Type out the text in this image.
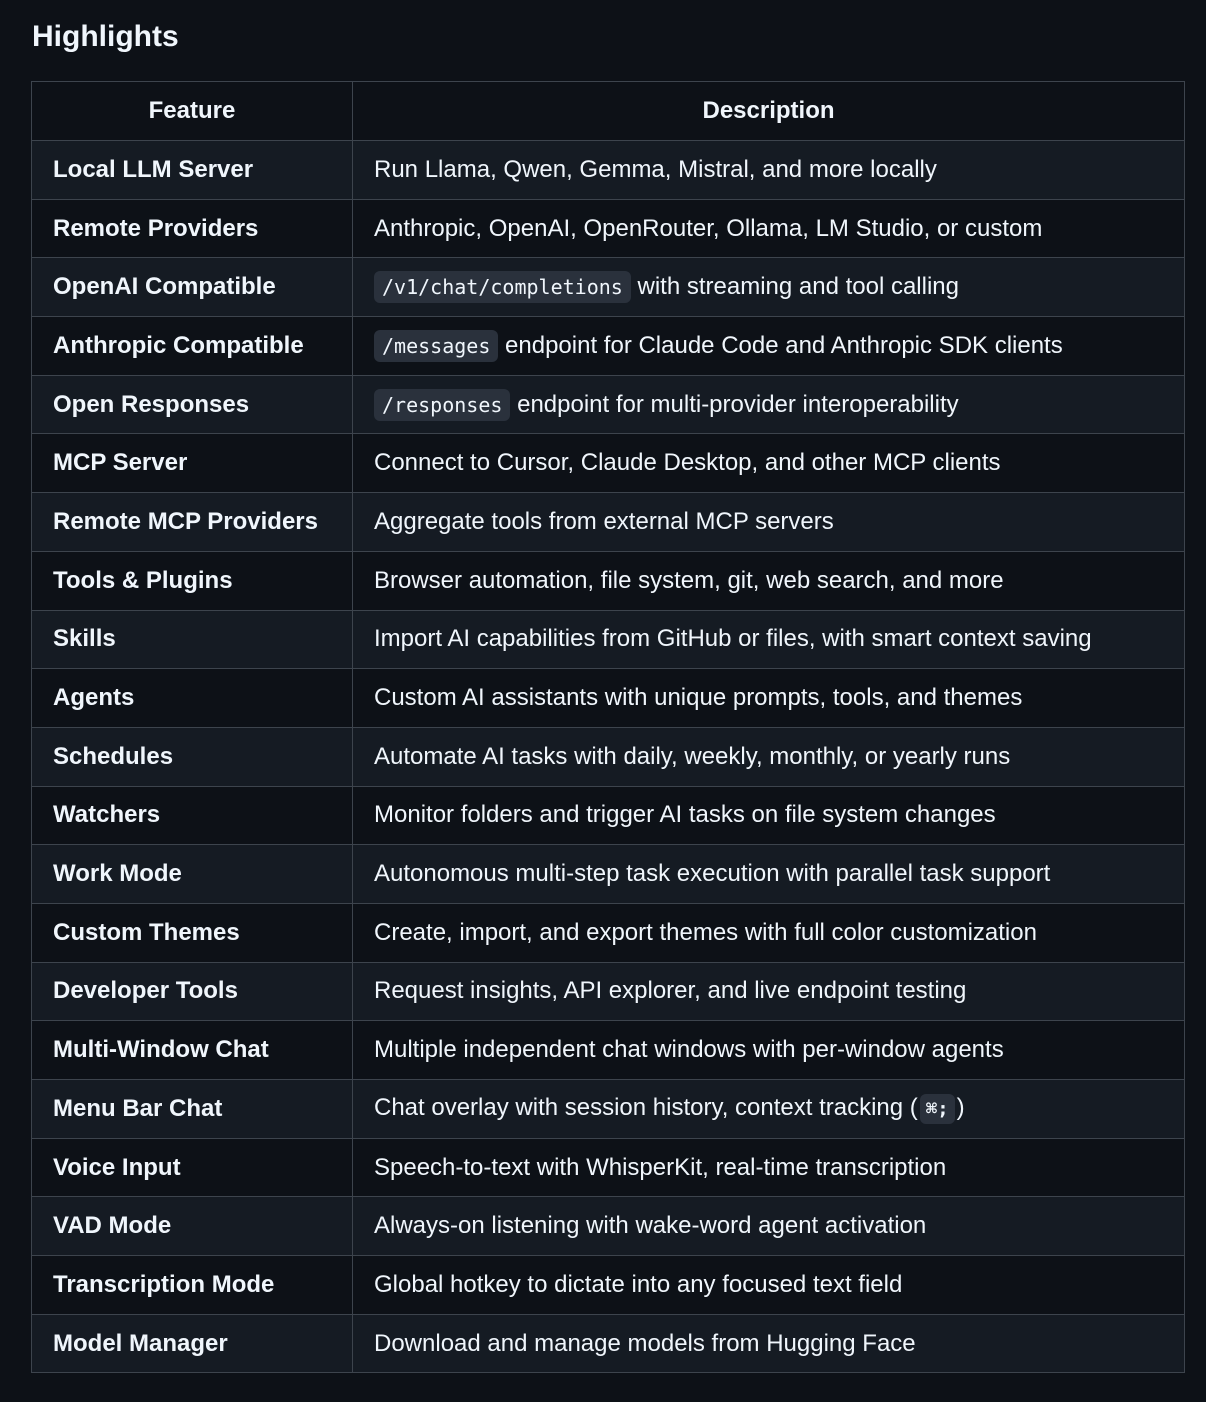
Highlights
Feature	Description
Local LLM Server	Run Llama, Qwen, Gemma, Mistral, and more locally
Remote Providers	Anthropic, OpenAI, OpenRouter, Ollama, LM Studio, or custom
OpenAI Compatible	/v1/chat/completions with streaming and tool calling
Anthropic Compatible	/messages endpoint for Claude Code and Anthropic SDK clients
Open Responses	/responses endpoint for multi-provider interoperability
MCP Server	Connect to Cursor, Claude Desktop, and other MCP clients
Remote MCP Providers	Aggregate tools from external MCP servers
Tools & Plugins	Browser automation, file system, git, web search, and more
Skills	Import AI capabilities from GitHub or files, with smart context saving
Agents	Custom AI assistants with unique prompts, tools, and themes
Schedules	Automate AI tasks with daily, weekly, monthly, or yearly runs
Watchers	Monitor folders and trigger AI tasks on file system changes
Work Mode	Autonomous multi-step task execution with parallel task support
Custom Themes	Create, import, and export themes with full color customization
Developer Tools	Request insights, API explorer, and live endpoint testing
Multi-Window Chat	Multiple independent chat windows with per-window agents
Menu Bar Chat	Chat overlay with session history, context tracking ( ⌘; )
Voice Input	Speech-to-text with WhisperKit, real-time transcription
VAD Mode	Always-on listening with wake-word agent activation
Transcription Mode	Global hotkey to dictate into any focused text field
Model Manager	Download and manage models from Hugging Face
